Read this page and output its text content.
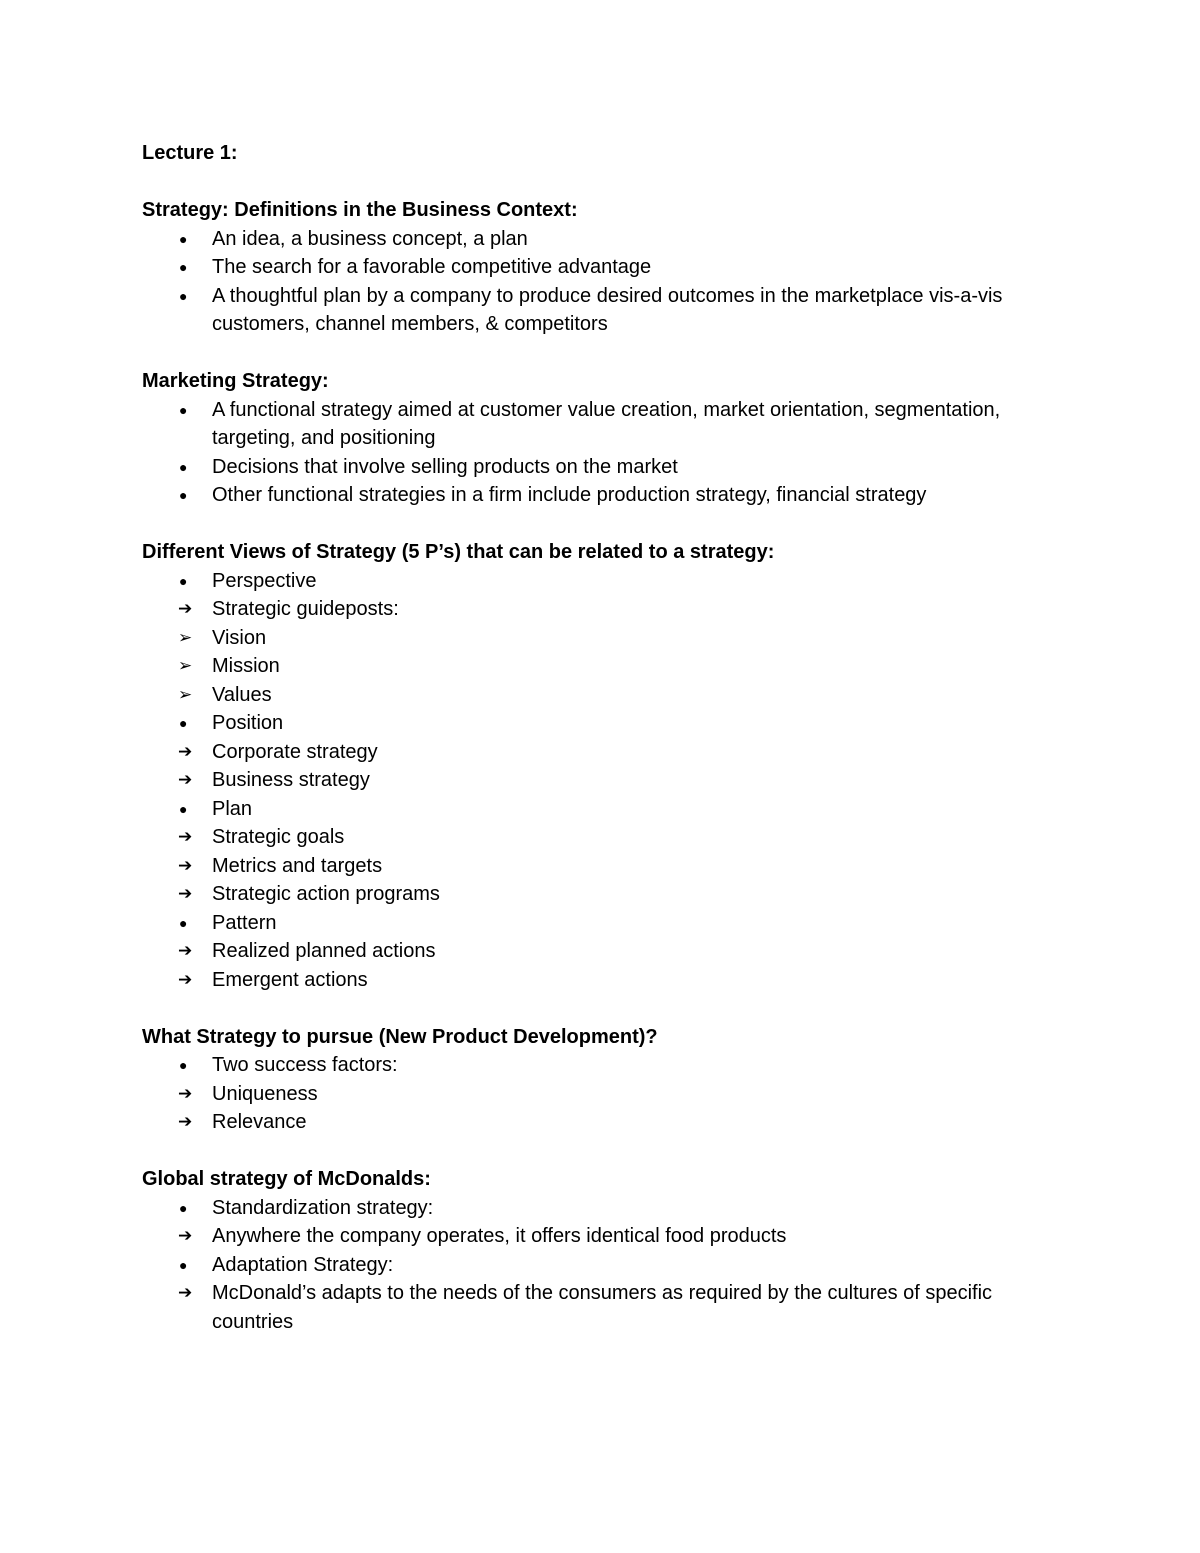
Lecture 1:
Strategy: Definitions in the Business Context:
●	An idea, a business concept, a plan
●	The search for a favorable competitive advantage
●	A thoughtful plan by a company to produce desired outcomes in the marketplace vis-a-vis customers, channel members, & competitors
Marketing Strategy:
●	A functional strategy aimed at customer value creation, market orientation, segmentation, targeting, and positioning
●	Decisions that involve selling products on the market
●	Other functional strategies in a firm include production strategy, financial strategy
Different Views of Strategy (5 P’s) that can be related to a strategy:
●	Perspective
➔ Strategic guideposts:
➢ Vision
➢ Mission
➢ Values
●	Position
➔ Corporate strategy
➔ Business strategy
●	Plan
➔ Strategic goals
➔ Metrics and targets
➔ Strategic action programs
●	Pattern
➔ Realized planned actions
➔ Emergent actions
What Strategy to pursue (New Product Development)?
●	Two success factors:
➔ Uniqueness
➔ Relevance
Global strategy of McDonalds:
●	Standardization strategy:
➔ Anywhere the company operates, it offers identical food products
●	Adaptation Strategy:
➔ McDonald’s adapts to the needs of the consumers as required by the cultures of specific countries
